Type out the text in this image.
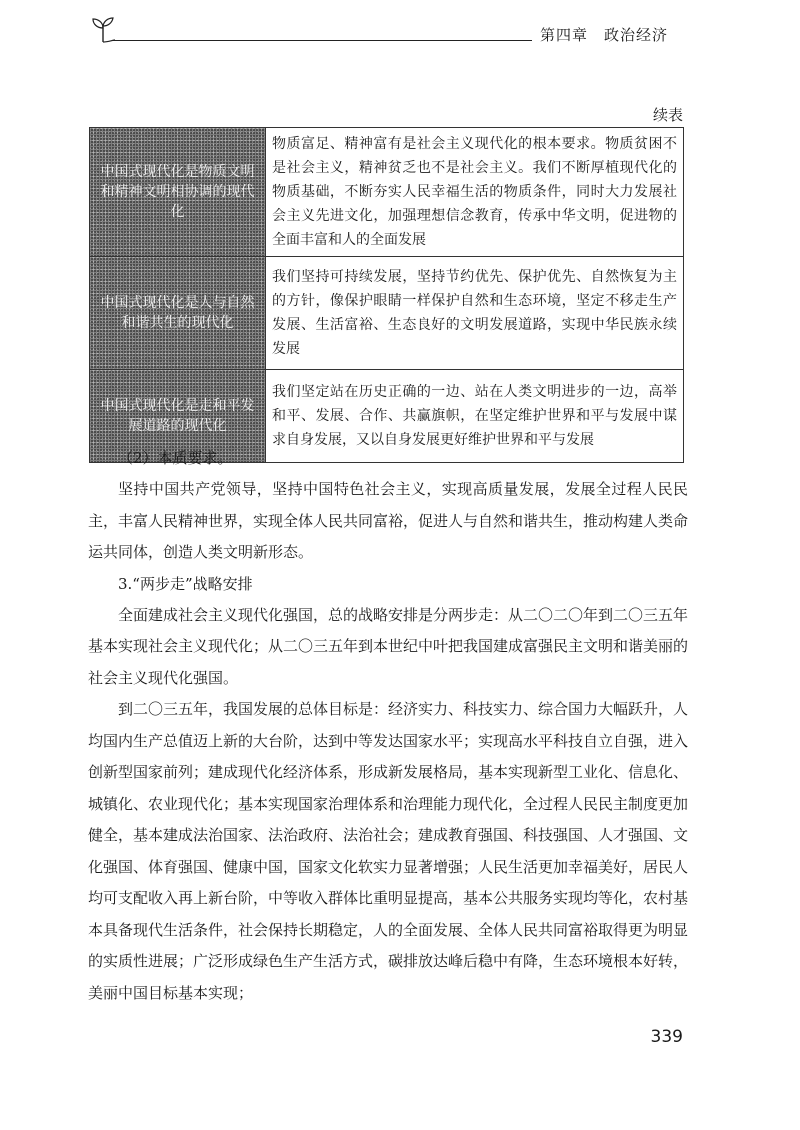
第四章　政治经济
续表
中国式现代化是物质文明和精神文明相协调的现代化	物质富足、精神富有是社会主义现代化的根本要求。物质贫困不是社会主义，精神贫乏也不是社会主义。我们不断厚植现代化的物质基础，不断夯实人民幸福生活的物质条件，同时大力发展社会主义先进文化，加强理想信念教育，传承中华文明，促进物的全面丰富和人的全面发展
中国式现代化是人与自然和谐共生的现代化	我们坚持可持续发展，坚持节约优先、保护优先、自然恢复为主的方针，像保护眼睛一样保护自然和生态环境，坚定不移走生产发展、生活富裕、生态良好的文明发展道路，实现中华民族永续发展
中国式现代化是走和平发展道路的现代化	我们坚定站在历史正确的一边、站在人类文明进步的一边，高举和平、发展、合作、共赢旗帜，在坚定维护世界和平与发展中谋求自身发展，又以自身发展更好维护世界和平与发展

（2）本质要求。

坚持中国共产党领导，坚持中国特色社会主义，实现高质量发展，发展全过程人民民主，丰富人民精神世界，实现全体人民共同富裕，促进人与自然和谐共生，推动构建人类命运共同体，创造人类文明新形态。

3.“两步走”战略安排

全面建成社会主义现代化强国，总的战略安排是分两步走：从二〇二〇年到二〇三五年基本实现社会主义现代化；从二〇三五年到本世纪中叶把我国建成富强民主文明和谐美丽的社会主义现代化强国。

到二〇三五年，我国发展的总体目标是：经济实力、科技实力、综合国力大幅跃升，人均国内生产总值迈上新的大台阶，达到中等发达国家水平；实现高水平科技自立自强，进入创新型国家前列；建成现代化经济体系，形成新发展格局，基本实现新型工业化、信息化、城镇化、农业现代化；基本实现国家治理体系和治理能力现代化，全过程人民民主制度更加健全，基本建成法治国家、法治政府、法治社会；建成教育强国、科技强国、人才强国、文化强国、体育强国、健康中国，国家文化软实力显著增强；人民生活更加幸福美好，居民人均可支配收入再上新台阶，中等收入群体比重明显提高，基本公共服务实现均等化，农村基本具备现代生活条件，社会保持长期稳定，人的全面发展、全体人民共同富裕取得更为明显的实质性进展；广泛形成绿色生产生活方式，碳排放达峰后稳中有降，生态环境根本好转，美丽中国目标基本实现；

339
